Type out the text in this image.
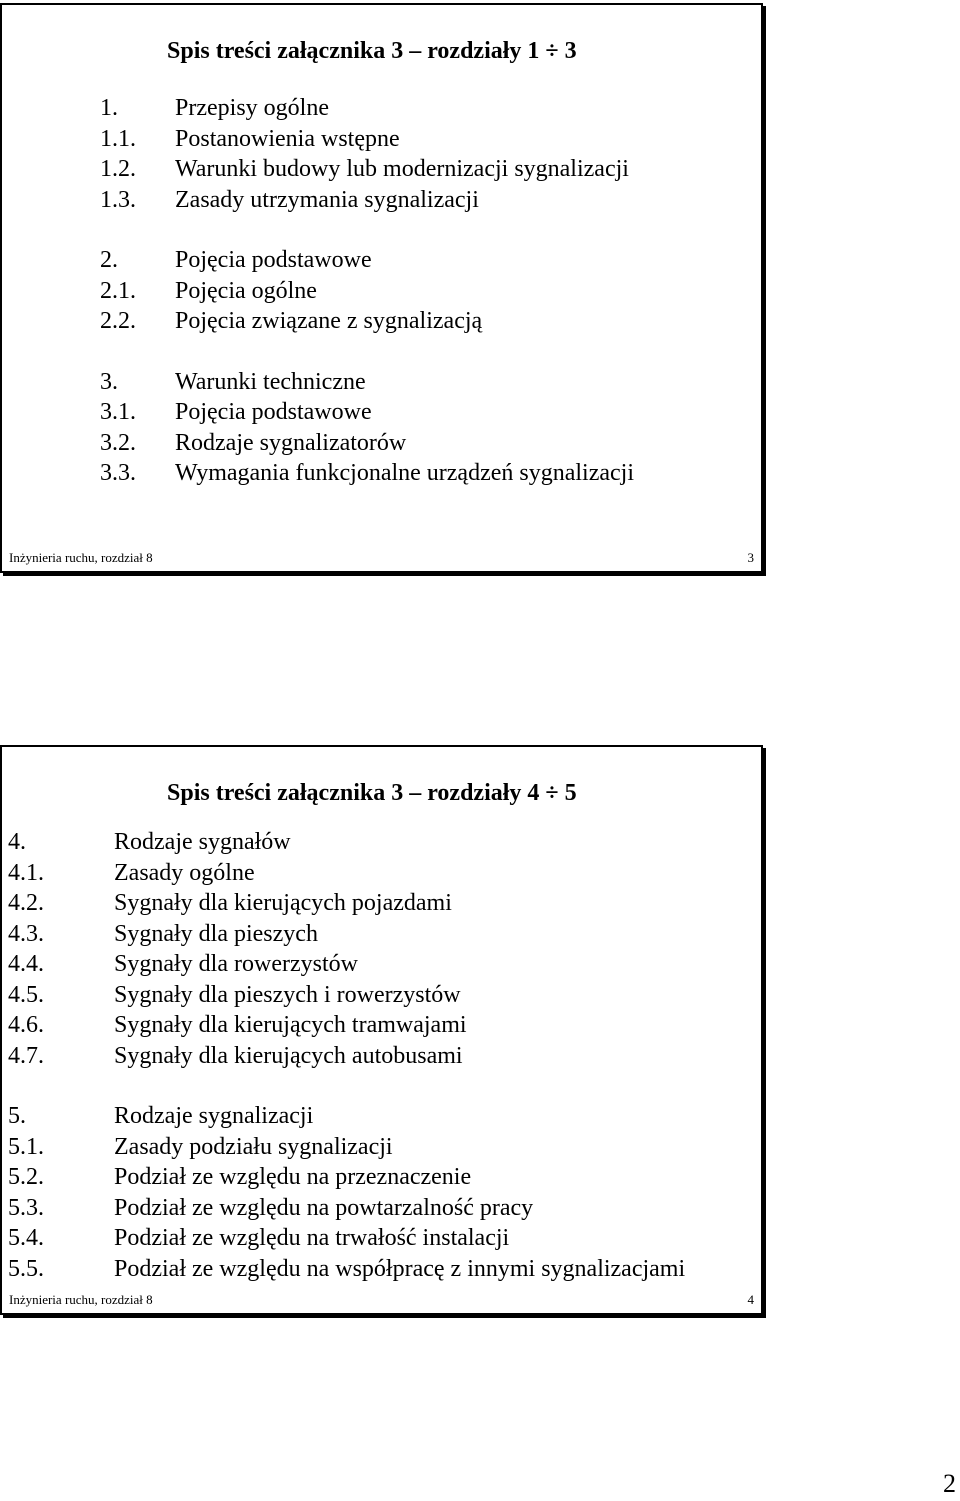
Spis treści załącznika 3 – rozdziały 1 ÷ 3
1.	Przepisy ogólne
1.1.	Postanowienia wstępne
1.2.	Warunki budowy lub modernizacji sygnalizacji
1.3.	Zasady utrzymania sygnalizacji
2.	Pojęcia podstawowe
2.1.	Pojęcia ogólne
2.2.	Pojęcia związane z sygnalizacją
3.	Warunki techniczne
3.1.	Pojęcia podstawowe
3.2.	Rodzaje sygnalizatorów
3.3.	Wymagania funkcjonalne urządzeń sygnalizacji
Inżynieria ruchu, rozdział 8	3
Spis treści załącznika 3 – rozdziały 4 ÷ 5
4.	Rodzaje sygnałów
4.1.	Zasady ogólne
4.2.	Sygnały dla kierujących pojazdami
4.3.	Sygnały dla pieszych
4.4.	Sygnały dla rowerzystów
4.5.	Sygnały dla pieszych i rowerzystów
4.6.	Sygnały dla kierujących tramwajami
4.7.	Sygnały dla kierujących autobusami
5.	Rodzaje sygnalizacji
5.1.	Zasady podziału sygnalizacji
5.2.	Podział ze względu na przeznaczenie
5.3.	Podział ze względu na powtarzalność pracy
5.4.	Podział ze względu na trwałość instalacji
5.5.	Podział ze względu na współpracę z innymi sygnalizacjami
Inżynieria ruchu, rozdział 8	4
2
